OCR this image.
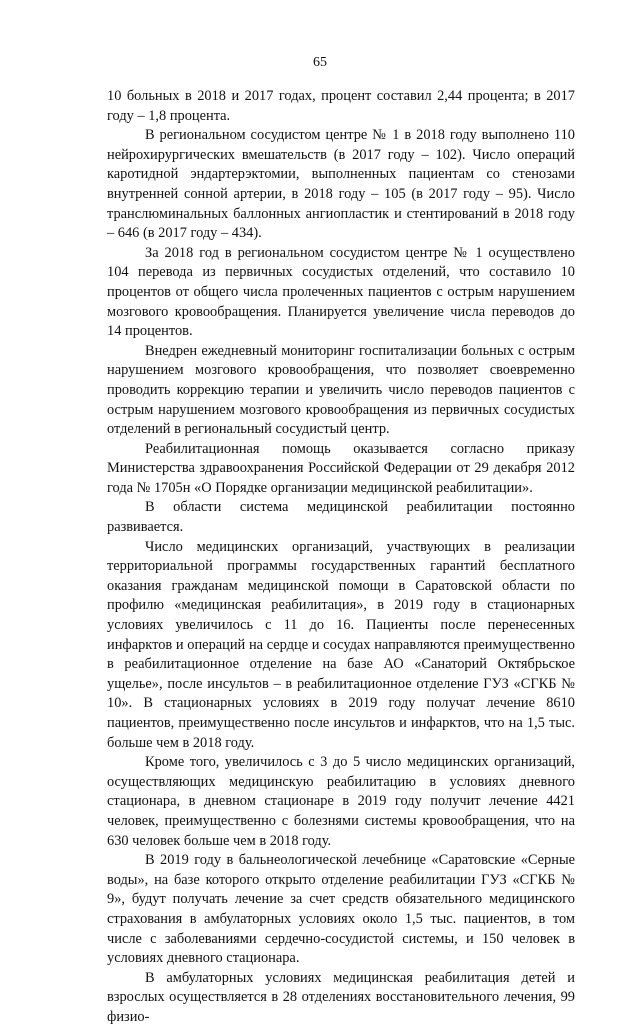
65

10 больных в 2018 и 2017 годах, процент составил 2,44 процента; в 2017 году – 1,8 процента.

В региональном сосудистом центре № 1 в 2018 году выполнено 110 нейрохирургических вмешательств (в 2017 году – 102). Число операций каротидной эндартерэктомии, выполненных пациентам со стенозами внутренней сонной артерии, в 2018 году – 105 (в 2017 году – 95). Число транслюминальных баллонных ангиопластик и стентирований в 2018 году – 646 (в 2017 году – 434).

За 2018 год в региональном сосудистом центре № 1 осуществлено 104 перевода из первичных сосудистых отделений, что составило 10 процентов от общего числа пролеченных пациентов с острым нарушением мозгового кровообращения. Планируется увеличение числа переводов до 14 процентов.

Внедрен ежедневный мониторинг госпитализации больных с острым нарушением мозгового кровообращения, что позволяет своевременно проводить коррекцию терапии и увеличить число переводов пациентов с острым нарушением мозгового кровообращения из первичных сосудистых отделений в региональный сосудистый центр.

Реабилитационная помощь оказывается согласно приказу Министерства здравоохранения Российской Федерации от 29 декабря 2012 года № 1705н «О Порядке организации медицинской реабилитации».

В области система медицинской реабилитации постоянно развивается.

Число медицинских организаций, участвующих в реализации территориальной программы государственных гарантий бесплатного оказания гражданам медицинской помощи в Саратовской области по профилю «медицинская реабилитация», в 2019 году в стационарных условиях увеличилось с 11 до 16. Пациенты после перенесенных инфарктов и операций на сердце и сосудах направляются преимущественно в реабилитационное отделение на базе АО «Санаторий Октябрьское ущелье», после инсультов – в реабилитационное отделение ГУЗ «СГКБ № 10». В стационарных условиях в 2019 году получат лечение 8610 пациентов, преимущественно после инсультов и инфарктов, что на 1,5 тыс. больше чем в 2018 году.

Кроме того, увеличилось с 3 до 5 число медицинских организаций, осуществляющих медицинскую реабилитацию в условиях дневного стационара, в дневном стационаре в 2019 году получит лечение 4421 человек, преимущественно с болезнями системы кровообращения, что на 630 человек больше чем в 2018 году.

В 2019 году в бальнеологической лечебнице «Саратовские «Серные воды», на базе которого открыто отделение реабилитации ГУЗ «СГКБ № 9», будут получать лечение за счет средств обязательного медицинского страхования в амбулаторных условиях около 1,5 тыс. пациентов, в том числе с заболеваниями сердечно-сосудистой системы, и 150 человек в условиях дневного стационара.

В амбулаторных условиях медицинская реабилитация детей и взрослых осуществляется в 28 отделениях восстановительного лечения, 99 физио-
